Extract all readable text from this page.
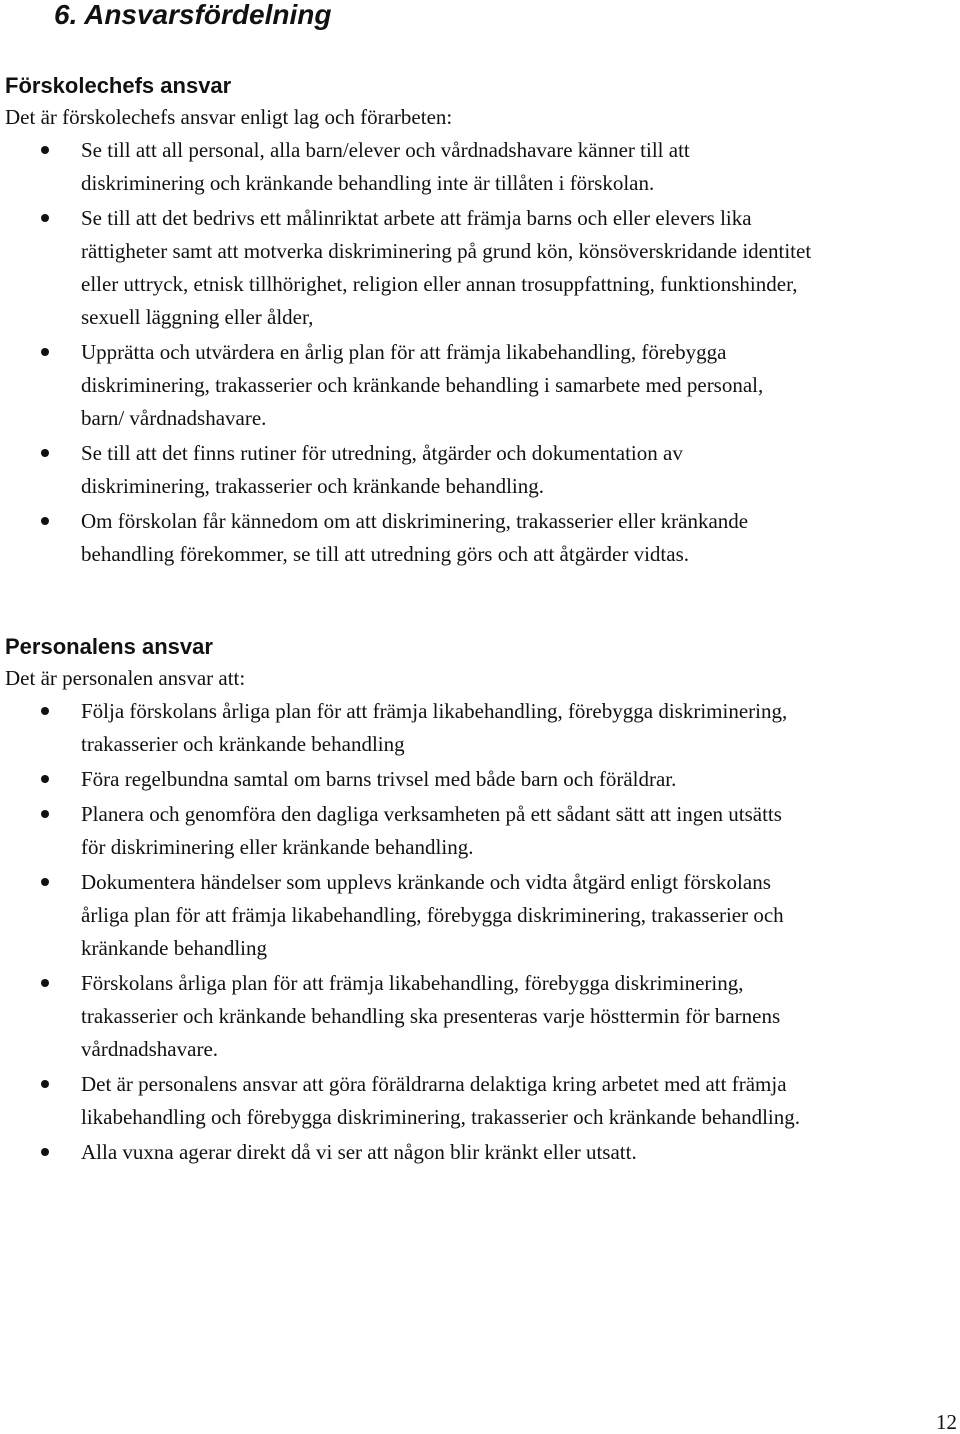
6. Ansvarsfördelning
Förskolechefs ansvar

Det är förskolechefs ansvar enligt lag och förarbeten:

Se till att all personal, alla barn/elever och vårdnadshavare känner till att
diskriminering och kränkande behandling inte är tillåten i förskolan.
Se till att det bedrivs ett målinriktat arbete att främja barns och eller elevers lika
rättigheter samt att motverka diskriminering på grund kön, könsöverskridande identitet
eller uttryck, etnisk tillhörighet, religion eller annan trosuppfattning, funktionshinder,
sexuell läggning eller ålder,
Upprätta och utvärdera en årlig plan för att främja likabehandling, förebygga
diskriminering, trakasserier och kränkande behandling i samarbete med personal,
barn/ vårdnadshavare.
Se till att det finns rutiner för utredning, åtgärder och dokumentation av
diskriminering, trakasserier och kränkande behandling.
Om förskolan får kännedom om att diskriminering, trakasserier eller kränkande
behandling förekommer, se till att utredning görs och att åtgärder vidtas.
Personalens ansvar

Det är personalen ansvar att:

Följa förskolans årliga plan för att främja likabehandling, förebygga diskriminering,
trakasserier och kränkande behandling
Föra regelbundna samtal om barns trivsel med både barn och föräldrar.
Planera och genomföra den dagliga verksamheten på ett sådant sätt att ingen utsätts
för diskriminering eller kränkande behandling.
Dokumentera händelser som upplevs kränkande och vidta åtgärd enligt förskolans
årliga plan för att främja likabehandling, förebygga diskriminering, trakasserier och
kränkande behandling
Förskolans årliga plan för att främja likabehandling, förebygga diskriminering,
trakasserier och kränkande behandling ska presenteras varje hösttermin för barnens
vårdnadshavare.
Det är personalens ansvar att göra föräldrarna delaktiga kring arbetet med att främja
likabehandling och förebygga diskriminering, trakasserier och kränkande behandling.
Alla vuxna agerar direkt då vi ser att någon blir kränkt eller utsatt.
12
